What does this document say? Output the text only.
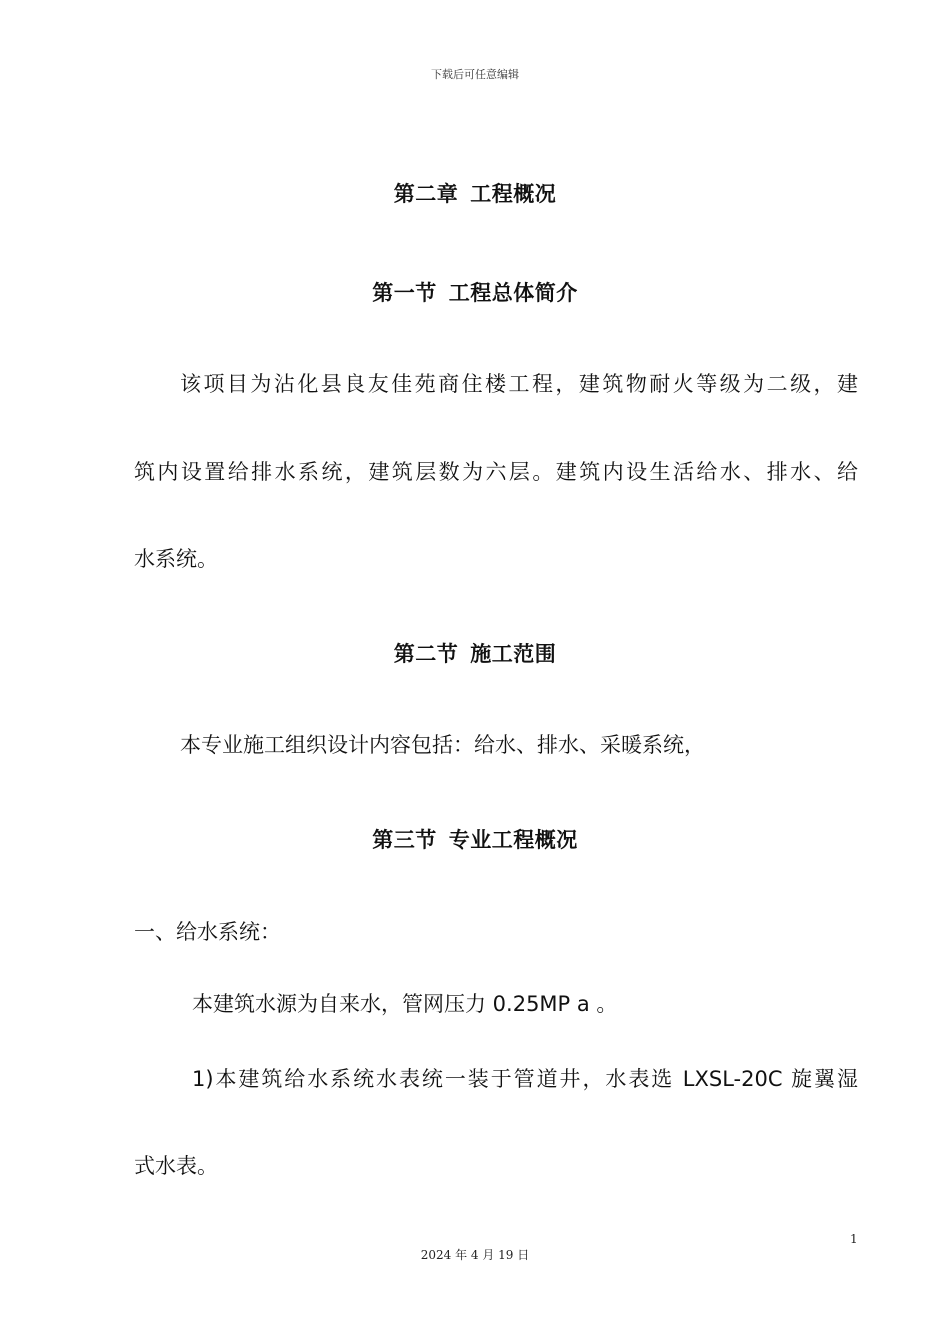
下载后可任意编辑
第二章 工程概况
第一节 工程总体简介
该项目为沾化县良友佳苑商住楼工程，建筑物耐火等级为二级，建
筑内设置给排水系统，建筑层数为六层。建筑内设生活给水、排水、给
水系统。
第二节 施工范围
本专业施工组织设计内容包括：给水、排水、采暖系统，
第三节 专业工程概况
一、给水系统：
本建筑水源为自来水，管网压力 0.25MP a 。
1)本建筑给水系统水表统一装于管道井，水表选 LXSL-20C 旋翼湿
式水表。
1
2024 年 4 月 19 日
